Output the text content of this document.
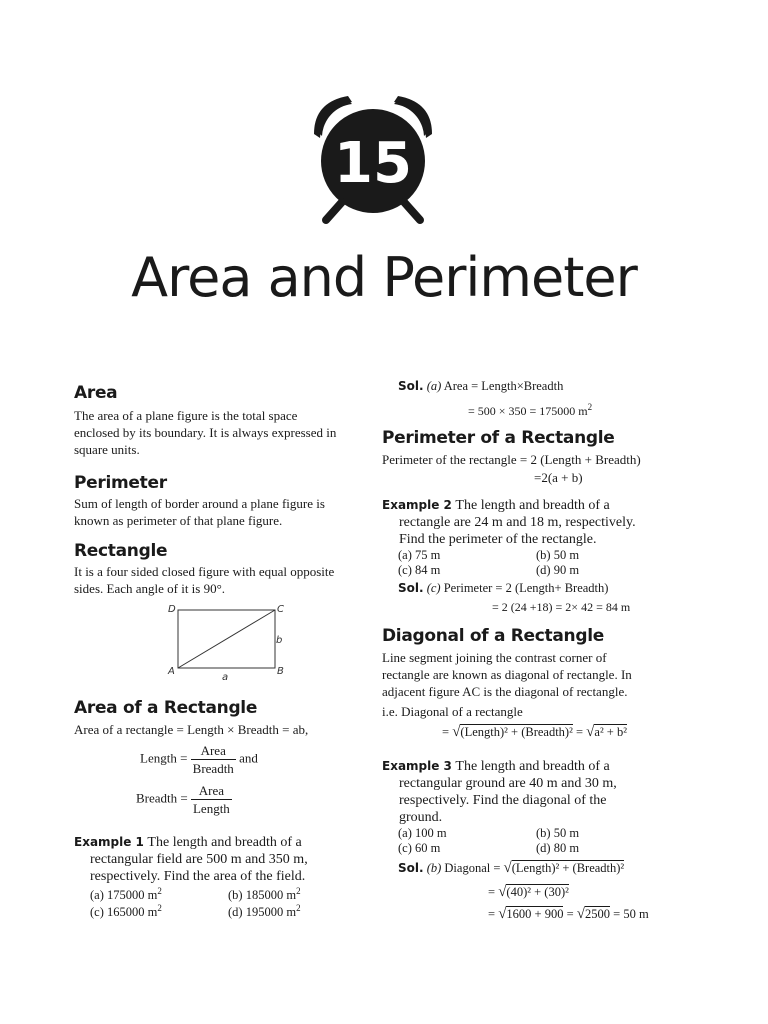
15
Area and Perimeter
Area
The area of a plane figure is the total space
enclosed by its boundary. It is always expressed in
square units.
Perimeter
Sum of length of border around a plane figure is
known as perimeter of that plane figure.
Rectangle
It is a four sided closed figure with equal opposite
sides. Each angle of it is 90°.
D	C
A	B
a
b
Area of a Rectangle
Area of a rectangle = Length × Breadth = ab,
Length = $\frac{\text{Area}}{\text{Breadth}}$ and
Breadth = $\frac{\text{Area}}{\text{Length}}$
Example 1 The length and breadth of a
rectangular field are 500 m and 350 m,
respectively. Find the area of the field.
(a) 175000 $m^2$	(b) 185000 $m^2$
(c) 165000 $m^2$	(d) 195000 $m^2$
Sol. (a) Area = Length×Breadth
= 500 × 350 = 175000 $m^2$
Perimeter of a Rectangle
Perimeter of the rectangle = 2 (Length + Breadth)
=2(a + b)
Example 2 The length and breadth of a
rectangle are 24 m and 18 m, respectively.
Find the perimeter of the rectangle.
(a) 75 m	(b) 50 m
(c) 84 m	(d) 90 m
Sol. (c) Perimeter = 2 (Length+ Breadth)
= 2 (24 +18) = 2× 42 = 84 m
Diagonal of a Rectangle
Line segment joining the contrast corner of
rectangle are known as diagonal of rectangle. In
adjacent figure AC is the diagonal of rectangle.
i.e. Diagonal of a rectangle
= √(Length)² + (Breadth)² = √a² + b²
Example 3 The length and breadth of a
rectangular ground are 40 m and 30 m,
respectively. Find the diagonal of the
ground.
(a) 100 m	(b) 50 m
(c) 60 m	(d) 80 m
Sol. (b) Diagonal = √(Length)² + (Breadth)²
= √(40)² + (30)²
= √1600 + 900 = √2500 = 50 m
